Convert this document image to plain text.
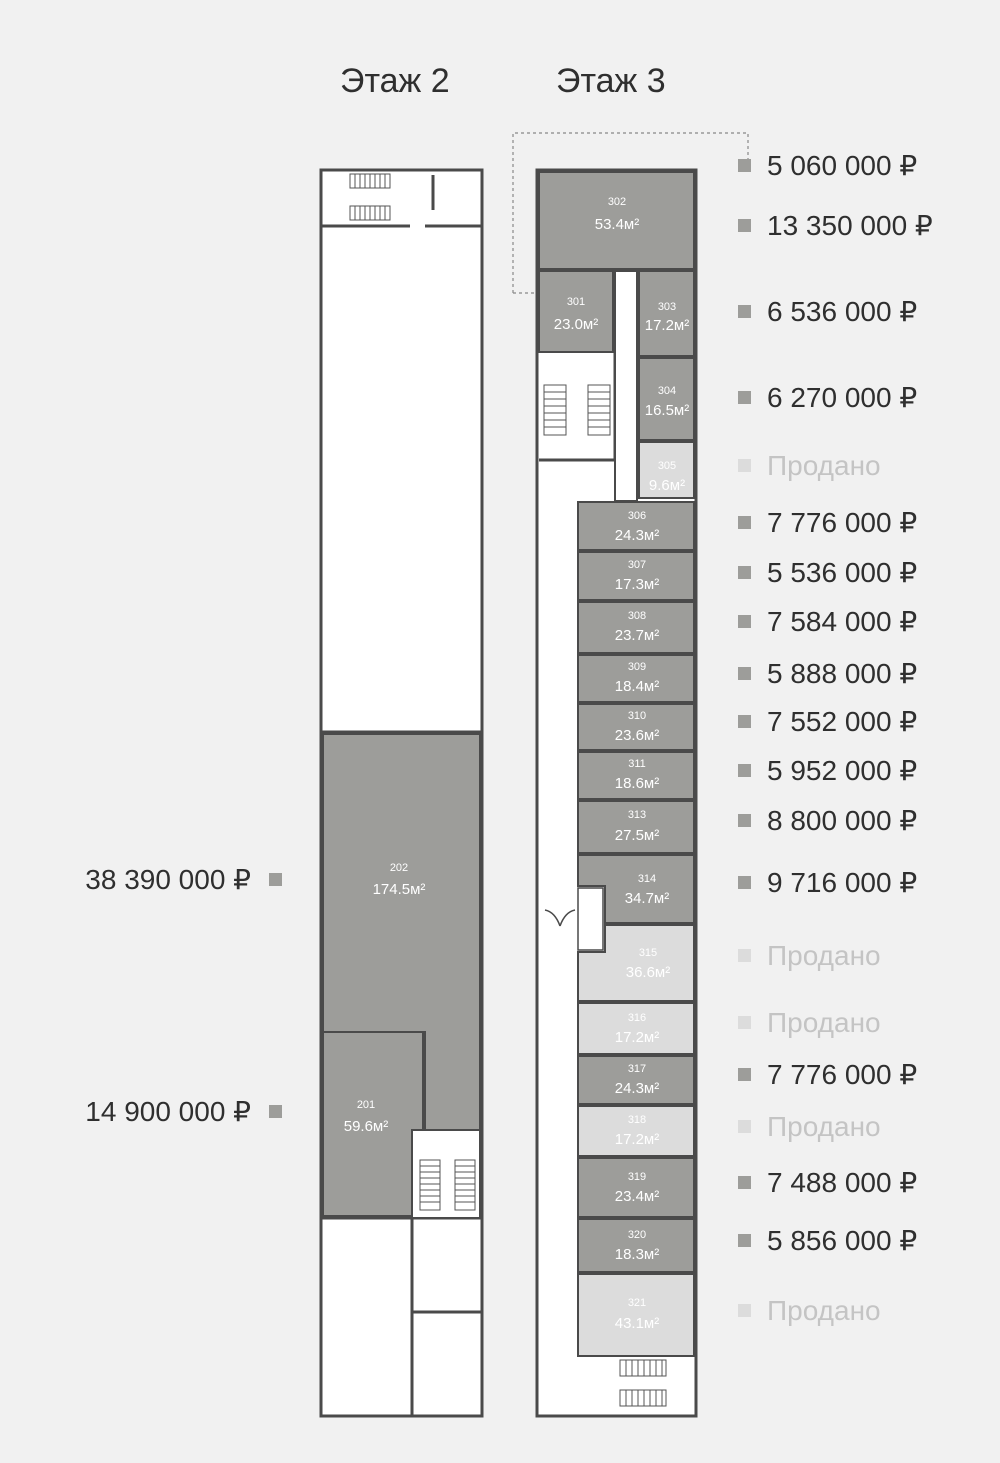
Этаж 2	Этаж 3
202
174.5м²
201
59.6м²
302
53.4м²
301
23.0м²
303
17.2м²
304
16.5м²
305
9.6м²
306
24.3м²
307
17.3м²
308
23.7м²
309
18.4м²
310
23.6м²
311
18.6м²
313
27.5м²
314
34.7м²
315
36.6м²
316
17.2м²
317
24.3м²
318
17.2м²
319
23.4м²
320
18.3м²
321
43.1м²
38 390 000 ₽
14 900 000 ₽
5 060 000 ₽
13 350 000 ₽
6 536 000 ₽
6 270 000 ₽
Продано
7 776 000 ₽
5 536 000 ₽
7 584 000 ₽
5 888 000 ₽
7 552 000 ₽
5 952 000 ₽
8 800 000 ₽
9 716 000 ₽
Продано
Продано
7 776 000 ₽
Продано
7 488 000 ₽
5 856 000 ₽
Продано
